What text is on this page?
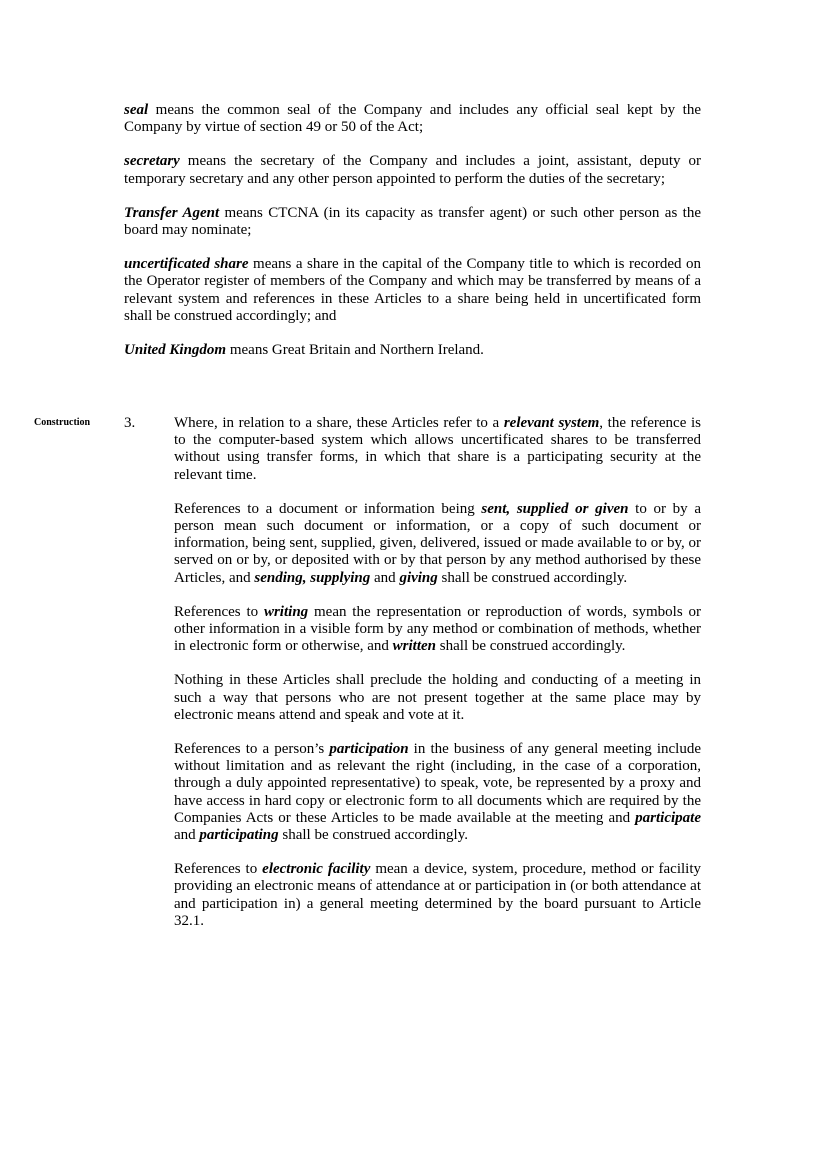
seal means the common seal of the Company and includes any official seal kept by the Company by virtue of section 49 or 50 of the Act;

secretary means the secretary of the Company and includes a joint, assistant, deputy or temporary secretary and any other person appointed to perform the duties of the secretary;

Transfer Agent means CTCNA (in its capacity as transfer agent) or such other person as the board may nominate;

uncertificated share means a share in the capital of the Company title to which is recorded on the Operator register of members of the Company and which may be transferred by means of a relevant system and references in these Articles to a share being held in uncertificated form shall be construed accordingly; and

United Kingdom means Great Britain and Northern Ireland.

Construction 3.	Where, in relation to a share, these Articles refer to a relevant system, the reference is to the computer-based system which allows uncertificated shares to be transferred without using transfer forms, in which that share is a participating security at the relevant time.

References to a document or information being sent, supplied or given to or by a person mean such document or information, or a copy of such document or information, being sent, supplied, given, delivered, issued or made available to or by, or served on or by, or deposited with or by that person by any method authorised by these Articles, and sending, supplying and giving shall be construed accordingly.

References to writing mean the representation or reproduction of words, symbols or other information in a visible form by any method or combination of methods, whether in electronic form or otherwise, and written shall be construed accordingly.

Nothing in these Articles shall preclude the holding and conducting of a meeting in such a way that persons who are not present together at the same place may by electronic means attend and speak and vote at it.

References to a person’s participation in the business of any general meeting include without limitation and as relevant the right (including, in the case of a corporation, through a duly appointed representative) to speak, vote, be represented by a proxy and have access in hard copy or electronic form to all documents which are required by the Companies Acts or these Articles to be made available at the meeting and participate and participating shall be construed accordingly.

References to electronic facility mean a device, system, procedure, method or facility providing an electronic means of attendance at or participation in (or both attendance at and participation in) a general meeting determined by the board pursuant to Article 32.1.
